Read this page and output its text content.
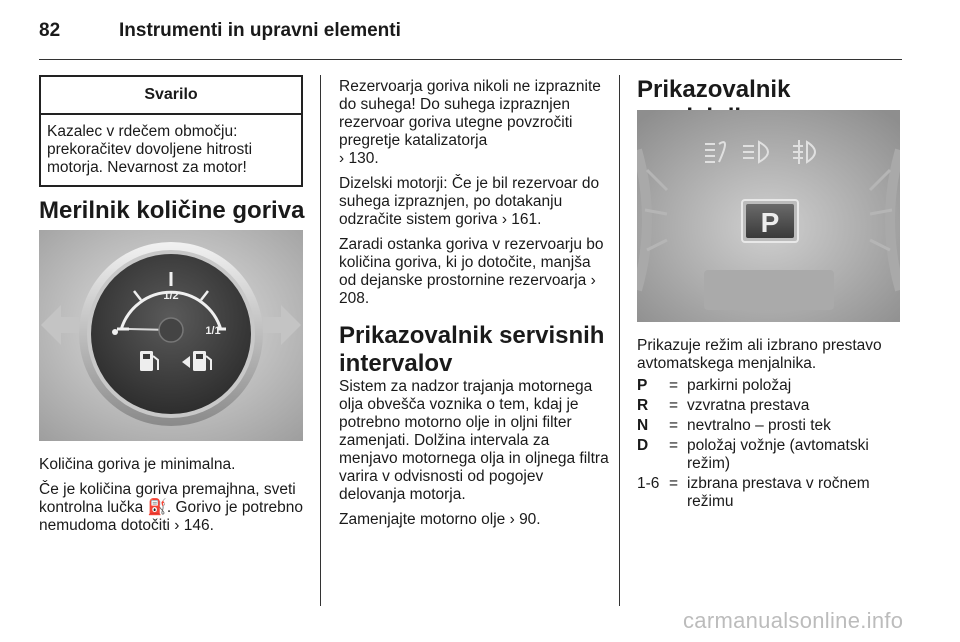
82	Instrumenti in upravni elementi
Svarilo
Kazalec v rdečem območju: prekoračitev dovoljene hitrosti motorja. Nevarnost za motor!
Merilnik količine goriva
1/2
1/1

Količina goriva je minimalna.

Če je količina goriva premajhna, sveti kontrolna lučka ⛽. Gorivo je potrebno nemudoma dotočiti › 146.

Rezervoarja goriva nikoli ne izpraznite do suhega! Do suhega izpraznjen rezervoar goriva utegne povzročiti pregretje katalizatorja
› 130.

Dizelski motorji: Če je bil rezervoar do suhega izpraznjen, po dotakanju odzračite sistem goriva › 161.

Zaradi ostanka goriva v rezervoarju bo količina goriva, ki jo dotočite, manjša od dejanske prostornine rezervoarja › 208.

Prikazovalnik servisnih intervalov

Sistem za nadzor trajanja motornega olja obvešča voznika o tem, kdaj je potrebno motorno olje in oljni filter zamenjati. Dolžina intervala za menjavo motornega olja in oljnega filtra varira v odvisnosti od pogojev delovanja motorja.

Zamenjajte motorno olje › 90.

Prikazovalnik
P
Prikazuje režim ali izbrano prestavo avtomatskega menjalnika.
P	= parkirni položaj
R	= vzvratna prestava
N	= nevtralno – prosti tek
D	= položaj vožnje (avtomatski režim)
1-6 = izbrana prestava v ročnem režimu
carmanualsonline.info
